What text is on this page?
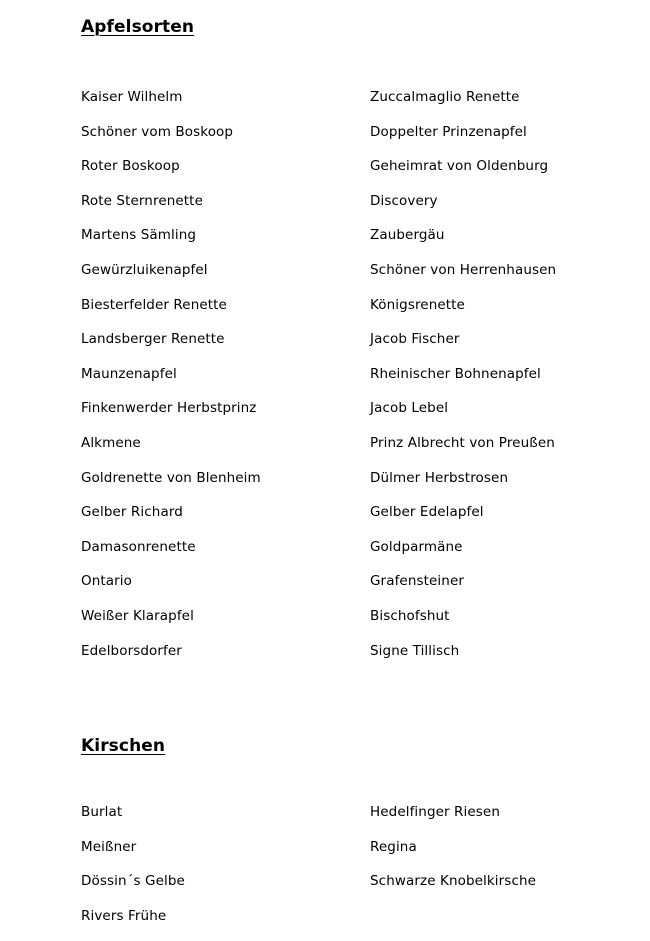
Apfelsorten
Kaiser Wilhelm	Zuccalmaglio Renette
Schöner vom Boskoop	Doppelter Prinzenapfel
Roter Boskoop	Geheimrat von Oldenburg
Rote Sternrenette	Discovery
Martens Sämling	Zaubergäu
Gewürzluikenapfel	Schöner von Herrenhausen
Biesterfelder Renette	Königsrenette
Landsberger Renette	Jacob Fischer
Maunzenapfel	Rheinischer Bohnenapfel
Finkenwerder Herbstprinz	Jacob Lebel
Alkmene	Prinz Albrecht von Preußen
Goldrenette von Blenheim	Dülmer Herbstrosen
Gelber Richard	Gelber Edelapfel
Damasonrenette	Goldparmäne
Ontario	Grafensteiner
Weißer Klarapfel	Bischofshut
Edelborsdorfer	Signe Tillisch
Kirschen
Burlat	Hedelfinger Riesen
Meißner	Regina
Dössin´s Gelbe	Schwarze Knobelkirsche
Rivers Frühe
